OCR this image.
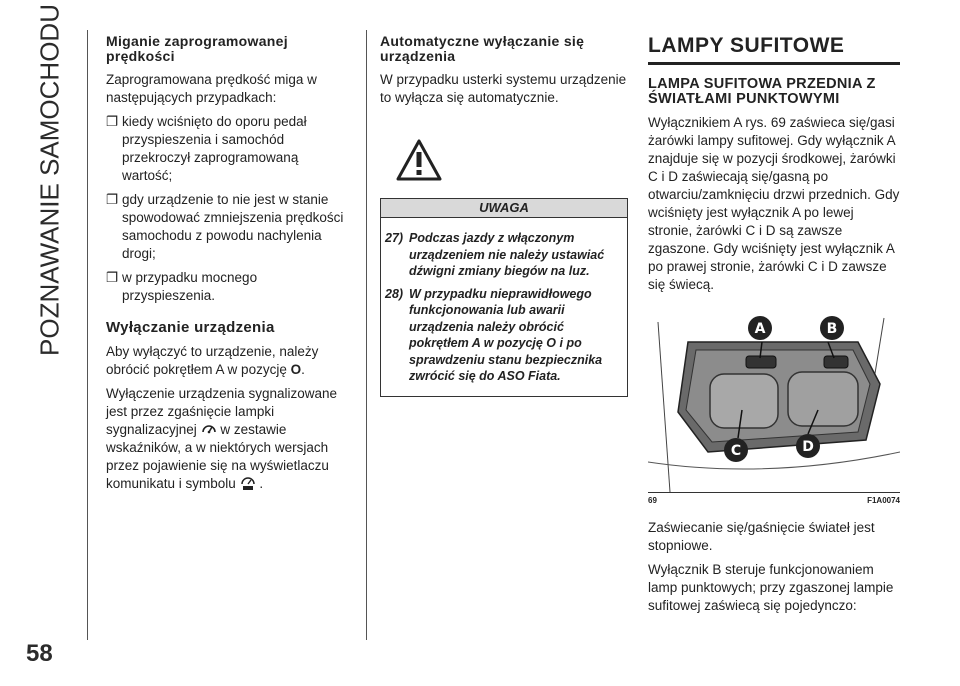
POZNAWANIE SAMOCHODU
58
Miganie zaprogramowanej prędkości

Zaprogramowana prędkość miga w następujących przypadkach:

❐ kiedy wciśnięto do oporu pedał przyspieszenia i samochód przekroczył zaprogramowaną wartość;
❐ gdy urządzenie to nie jest w stanie spowodować zmniejszenia prędkości samochodu z powodu nachylenia drogi;
❐ w przypadku mocnego przyspieszenia.
Wyłączanie urządzenia

Aby wyłączyć to urządzenie, należy obrócić pokrętłem A w pozycję O.

Wyłączenie urządzenia sygnalizowane jest przez zgaśnięcie lampki sygnalizacyjnej  w zestawie wskaźników, a w niektórych wersjach przez pojawienie się na wyświetlaczu komunikatu i symbolu .

Automatyczne wyłączanie się urządzenia

W przypadku usterki systemu urządzenie to wyłącza się automatycznie.

UWAGA
27) Podczas jazdy z włączonym urządzeniem nie należy ustawiać dźwigni zmiany biegów na luz.
28) W przypadku nieprawidłowego funkcjonowania lub awarii urządzenia należy obrócić pokrętłem A w pozycję O i po sprawdzeniu stanu bezpiecznika zwrócić się do ASO Fiata.
LAMPY SUFITOWE
LAMPA SUFITOWA PRZEDNIA Z ŚWIATŁAMI PUNKTOWYMI

Wyłącznikiem A rys. 69 zaświeca się/gasi żarówki lampy sufitowej. Gdy wyłącznik A znajduje się w pozycji środkowej, żarówki C i D zaświecają się/gasną po otwarciu/zamknięciu drzwi przednich. Gdy wciśnięty jest wyłącznik A po lewej stronie, żarówki C i D są zawsze zgaszone. Gdy wciśnięty jest wyłącznik A po prawej stronie, żarówki C i D zawsze się świecą.

A	B
C	D
69	F1A0074

Zaświecanie się/gaśnięcie świateł jest stopniowe.

Wyłącznik B steruje funkcjonowaniem lamp punktowych; przy zgaszonej lampie sufitowej zaświecą się pojedynczo:
